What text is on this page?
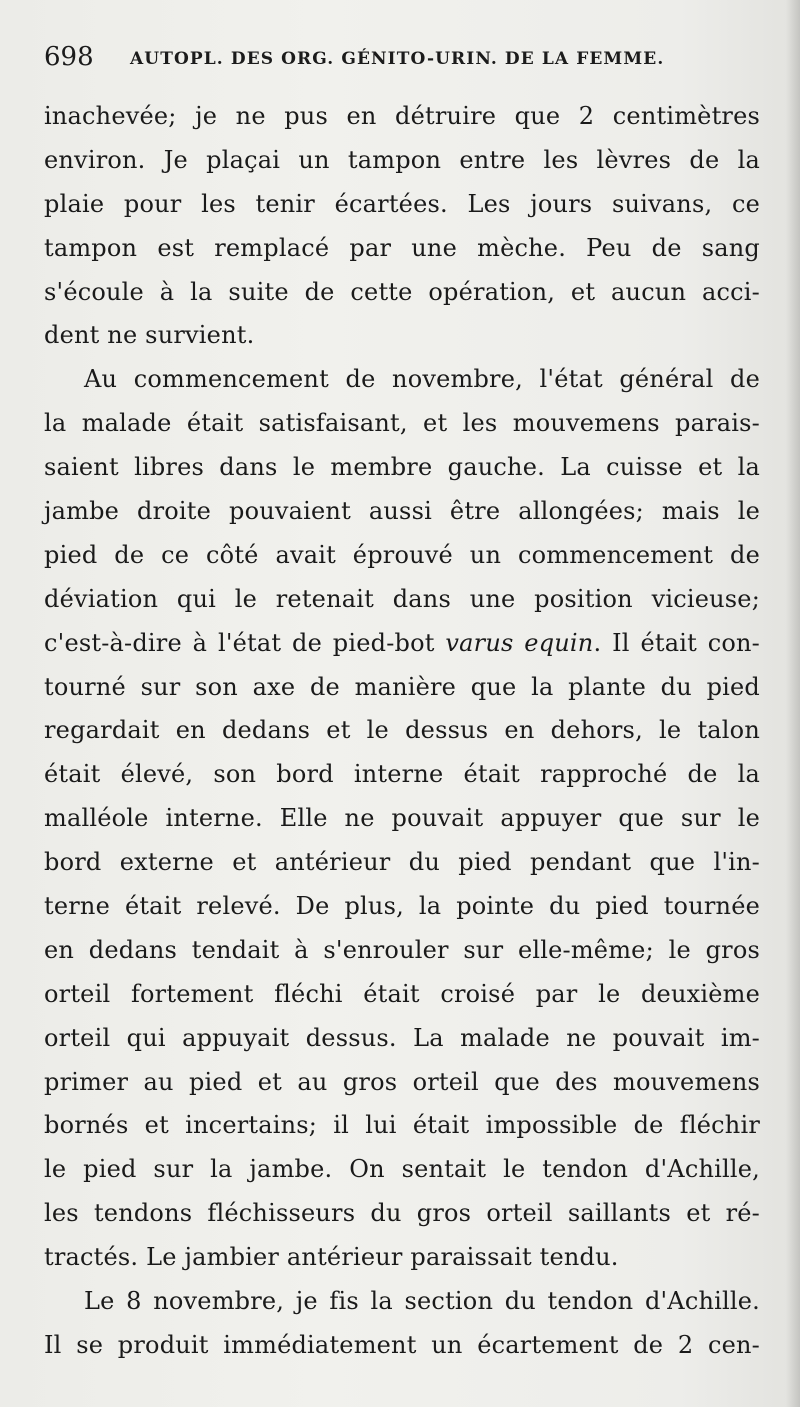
698 AUTOPL. DES ORG. GÉNITO-URIN. DE LA FEMME.
inachevée; je ne pus en détruire que 2 centimètres
environ. Je plaçai un tampon entre les lèvres de la
plaie pour les tenir écartées. Les jours suivans, ce
tampon est remplacé par une mèche. Peu de sang
s'écoule à la suite de cette opération, et aucun acci-
dent ne survient.
Au commencement de novembre, l'état général de
la malade était satisfaisant, et les mouvemens parais-
saient libres dans le membre gauche. La cuisse et la
jambe droite pouvaient aussi être allongées; mais le
pied de ce côté avait éprouvé un commencement de
déviation qui le retenait dans une position vicieuse;
c'est-à-dire à l'état de pied-bot varus equin. Il était con-
tourné sur son axe de manière que la plante du pied
regardait en dedans et le dessus en dehors, le talon
était élevé, son bord interne était rapproché de la
malléole interne. Elle ne pouvait appuyer que sur le
bord externe et antérieur du pied pendant que l'in-
terne était relevé. De plus, la pointe du pied tournée
en dedans tendait à s'enrouler sur elle-même; le gros
orteil fortement fléchi était croisé par le deuxième
orteil qui appuyait dessus. La malade ne pouvait im-
primer au pied et au gros orteil que des mouvemens
bornés et incertains; il lui était impossible de fléchir
le pied sur la jambe. On sentait le tendon d'Achille,
les tendons fléchisseurs du gros orteil saillants et ré-
tractés. Le jambier antérieur paraissait tendu.
Le 8 novembre, je fis la section du tendon d'Achille.
Il se produit immédiatement un écartement de 2 cen-
